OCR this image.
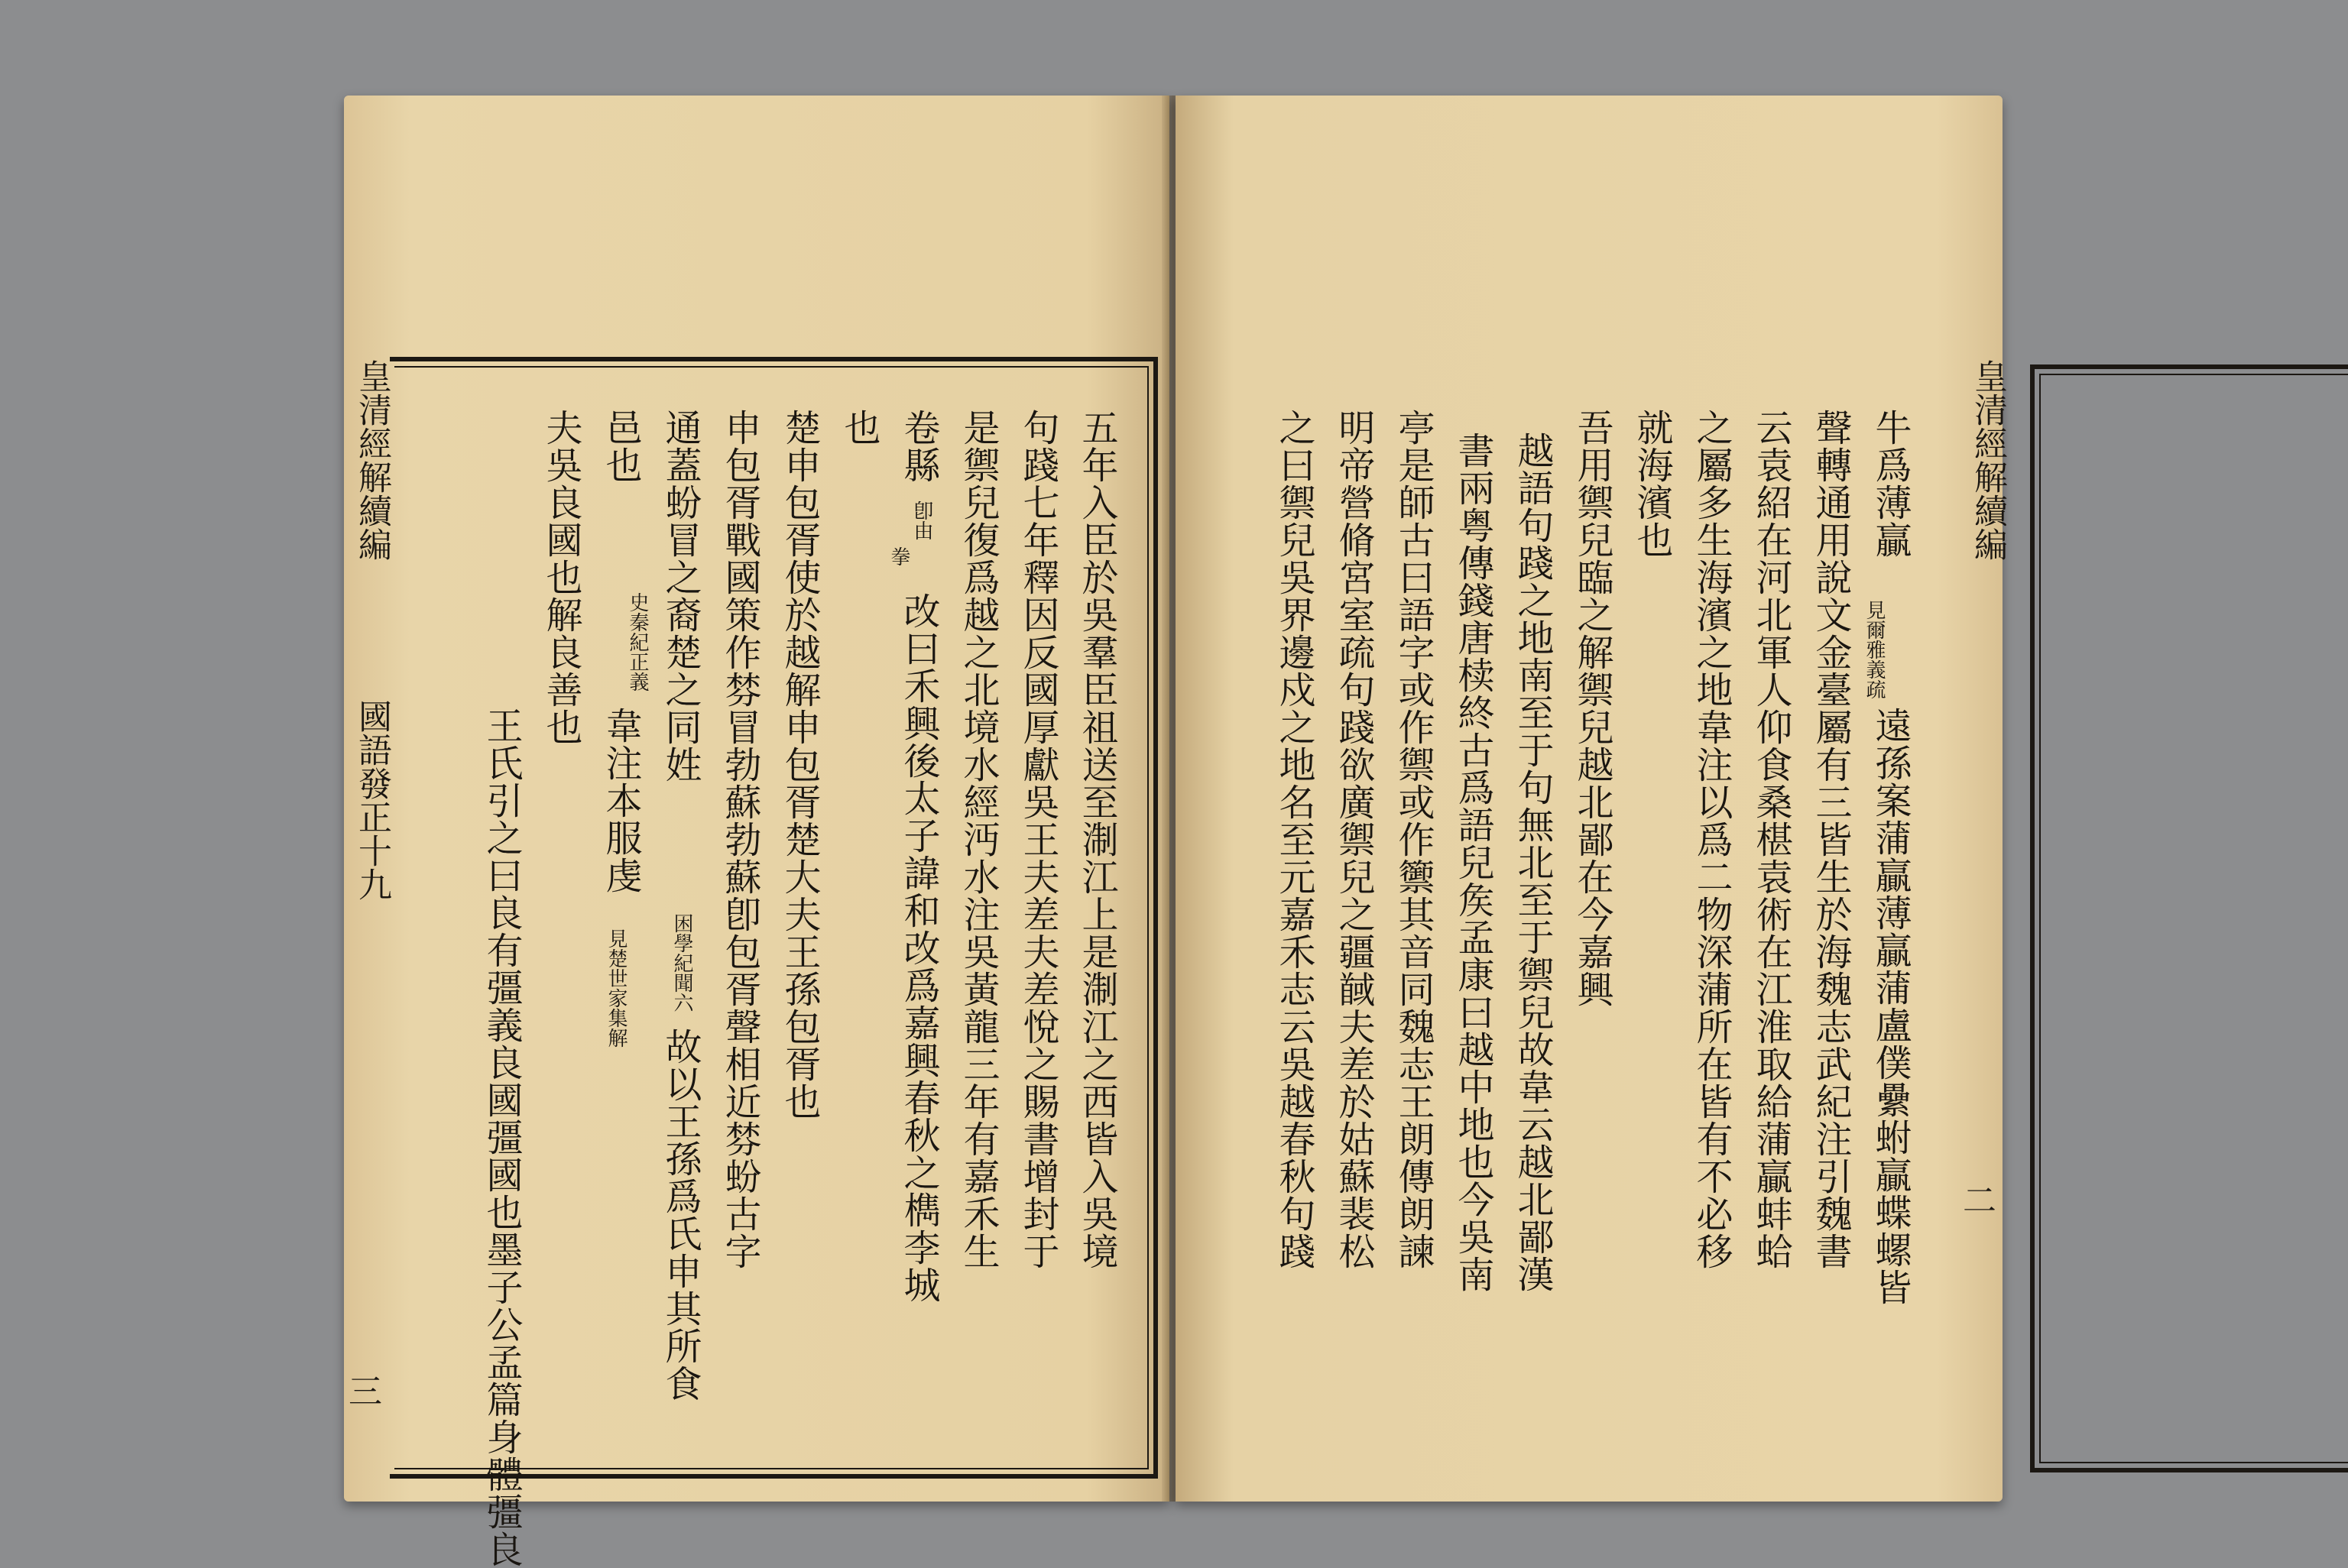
皇清經解續編
國語發正十九
三
五年入臣於吳羣臣祖送至淛江上是淛江之西皆入吳境
句踐七年釋因反國厚獻吳王夫差夫差悅之賜書增封于
是禦兒復爲越之北境水經沔水注吳黃龍三年有嘉禾生
卷縣
卽由
拳
改曰禾興後太子諱和改爲嘉興春秋之檇李城
也
楚申包胥使於越解申包胥楚大夫王孫包胥也
申包胥戰國策作棼冒勃蘇勃蘇卽包胥聲相近棼蚡古字
通蓋蚡冒之裔楚之同姓
困學紀聞六
故以王孫爲氏申其所食
邑也
史秦紀正義
韋注本服虔
見楚世家集解
夫吳良國也解良善也
王氏引之曰良有彊義良國彊國也墨子公孟篇身體彊良
皇清經解續編
二
牛爲薄贏
見爾雅義疏
遠孫案蒲贏薄贏蒲盧僕纍蚹贏蝶螺皆
聲轉通用說文金臺屬有三皆生於海魏志武紀注引魏書
云袁紹在河北軍人仰食桑椹袁術在江淮取給蒲贏蚌蛤
之屬多生海濱之地韋注以爲二物深蒲所在皆有不必移
就海濱也
吾用禦兒臨之解禦兒越北鄙在今嘉興
越語句踐之地南至于句無北至于禦兒故韋云越北鄙漢
書兩粤傳錢唐椟終古爲語兒矦孟康曰越中地也今吳南
亭是師古曰語字或作禦或作籞其音同魏志王朗傳朗諫
明帝營脩宮室疏句踐欲廣禦兒之疆馘夫差於姑蘇裴松
之曰禦兒吳界邊戍之地名至元嘉禾志云吳越春秋句踐
